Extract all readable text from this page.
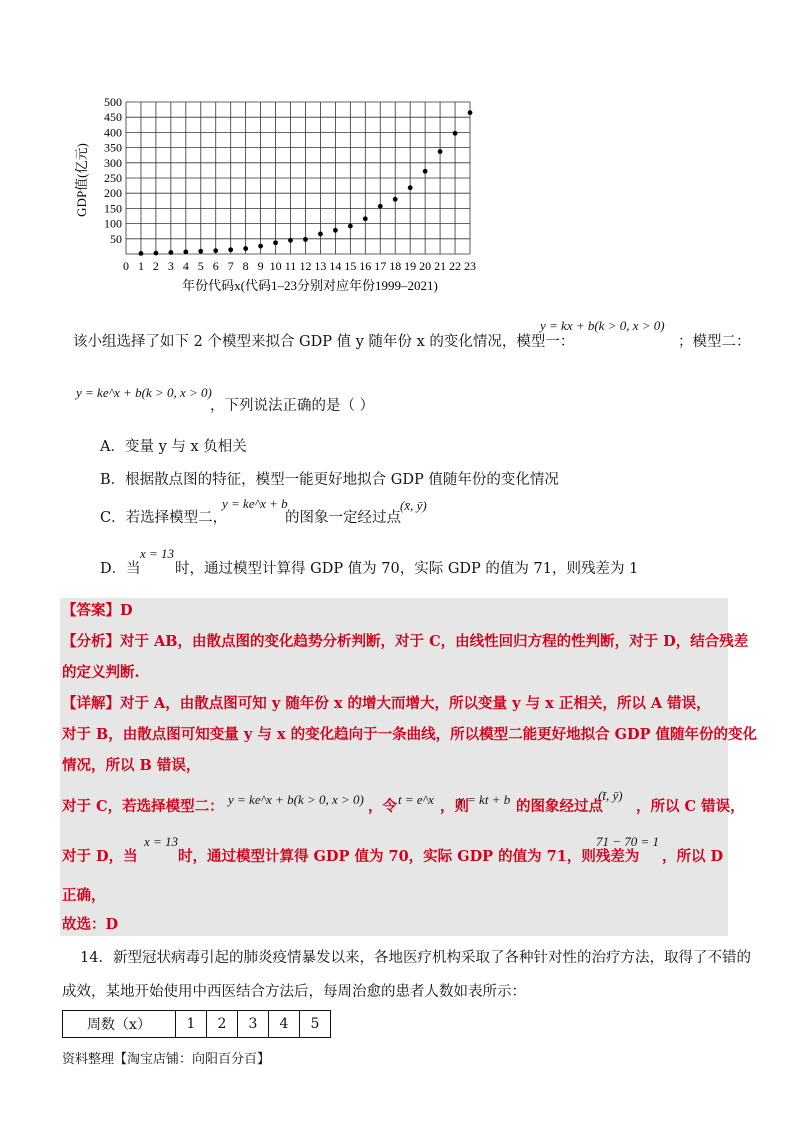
0 1 2 3 4 5 6 7 8 9 10 11 12 13 14 15 16 17 18 19 20 21 22 23
50
100
150
200
250
300
350
400
450
500
GDP值(亿元)
年份代码x(代码1–23分别对应年份1999–2021)
该小组选择了如下 2 个模型来拟合 GDP 值 y 随年份 x 的变化情况，模型一：
y = kx + b(k > 0, x > 0)
；模型二：
y = ke^x + b(k > 0, x > 0)
，下列说法正确的是（ ）
A．变量 y 与 x 负相关
B．根据散点图的特征，模型一能更好地拟合 GDP 值随年份的变化情况
C．若选择模型二，
y = ke^x + b
的图象一定经过点
(x̄, ȳ)
D．当
x = 13
时，通过模型计算得 GDP 值为 70，实际 GDP 的值为 71，则残差为 1
【答案】D
【分析】对于 AB，由散点图的变化趋势分析判断，对于 C，由线性回归方程的性判断，对于 D，结合残差
的定义判断.
【详解】对于 A，由散点图可知 y 随年份 x 的增大而增大，所以变量 y 与 x 正相关，所以 A 错误，
对于 B，由散点图可知变量 y 与 x 的变化趋向于一条曲线，所以模型二能更好地拟合 GDP 值随年份的变化
情况，所以 B 错误，
对于 C，若选择模型二： y = ke^x + b(k > 0, x > 0) ，令 t = e^x ，则
y = kt + b 的图象经过点
(t̄, ȳ)
，所以 C 错误，
对于 D，当
x = 13
时，通过模型计算得 GDP 值为 70，实际 GDP 的值为 71，则残差为
71 − 70 = 1
，所以 D
正确，
故选：D
14．新型冠状病毒引起的肺炎疫情暴发以来，各地医疗机构采取了各种针对性的治疗方法，取得了不错的
成效，某地开始使用中西医结合方法后，每周治愈的患者人数如表所示：
周数（x）	1	2	3	4	5
资料整理【淘宝店铺：向阳百分百】
